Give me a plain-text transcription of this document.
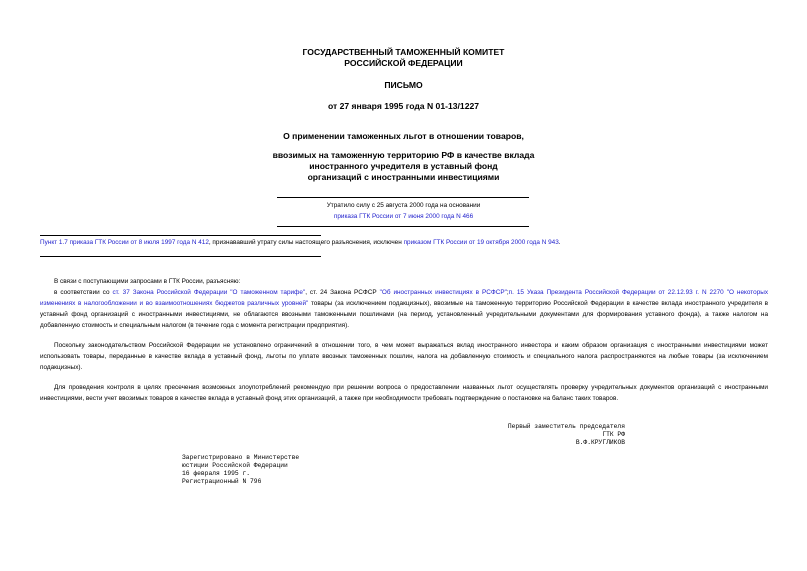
ГОСУДАРСТВЕННЫЙ ТАМОЖЕННЫЙ КОМИТЕТ
РОССИЙСКОЙ ФЕДЕРАЦИИ
ПИСЬМО
от 27 января 1995 года N 01-13/1227
О применении таможенных льгот в отношении товаров,
ввозимых на таможенную территорию РФ в качестве вклада
иностранного учредителя в уставный фонд
организаций с иностранными инвестициями
Утратило силу с 25 августа 2000 года на основании
приказа ГТК России от 7 июня 2000 года N 466
Пункт 1.7 приказа ГТК России от 8 июля 1997 года N 412, признававший утрату силы настоящего разъяснения, исключен приказом ГТК России от 19 октября 2000 года N 943.
В связи с поступающими запросами в ГТК России, разъясняю:
в соответствии со ст. 37 Закона Российской Федерации "О таможенном тарифе", ст. 24 Закона РСФСР "Об иностранных инвестициях в РСФСР";п. 15 Указа Президента Российской Федерации от 22.12.93 г. N 2270 "О некоторых изменениях в налогообложении и во взаимоотношениях бюджетов различных уровней" товары (за исключением подакцизных), ввозимые на таможенную территорию Российской Федерации в качестве вклада иностранного учредителя в уставный фонд организаций с иностранными инвестициями, не облагаются ввозными таможенными пошлинами (на период, установленный учредительными документами для формирования уставного фонда), а также налогом на добавленную стоимость и специальным налогом (в течение года с момента регистрации предприятия).
Поскольку законодательством Российской Федерации не установлено ограничений в отношении того, в чем может выражаться вклад иностранного инвестора и каким образом организация с иностранными инвестициями может использовать товары, переданные в качестве вклада в уставный фонд, льготы по уплате ввозных таможенных пошлин, налога на добавленную стоимость и специального налога распространяются на любые товары (за исключением подакцизных).
Для проведения контроля в целях пресечения возможных злоупотреблений рекомендую при решении вопроса о предоставлении названных льгот осуществлять проверку учредительных документов организаций с иностранными инвестициями, вести учет ввозимых товаров в качестве вклада в уставный фонд этих организаций, а также при необходимости требовать подтверждение о постановке на баланс таких товаров.
Первый заместитель председателя
ГТК РФ
В.Ф.КРУГЛИКОВ
Зарегистрировано в Министерстве
юстиции Российской Федерации
16 февраля 1995 г.
Регистрационный N 796
